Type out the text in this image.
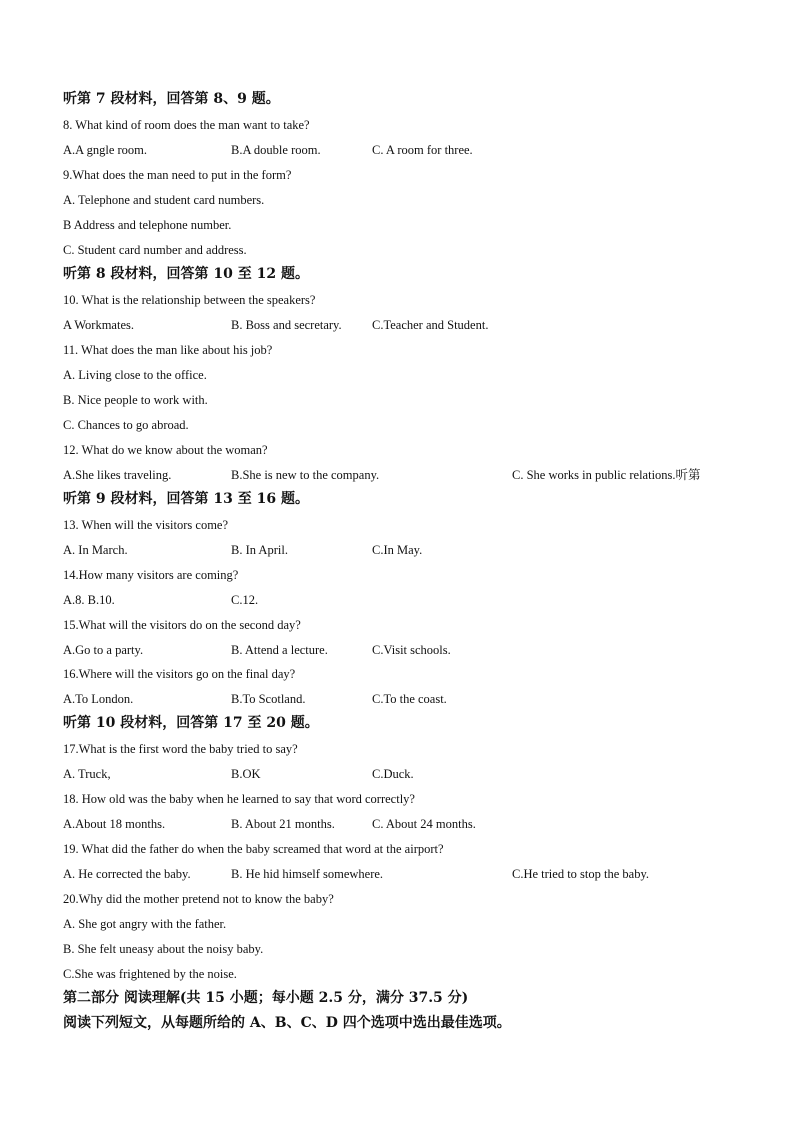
听第 7 段材料，回答第 8、9 题。
8. What kind of room does the man want to take?
A.A gngle room.	B.A double room.	C. A room for three.
9.What does the man need to put in the form?
A. Telephone and student card numbers.
B Address and telephone number.
C. Student card number and address.
听第 8 段材料，回答第 10 至 12 题。
10. What is the relationship between the speakers?
A Workmates.	B. Boss and secretary. C.Teacher and Student.
11. What does the man like about his job?
A. Living close to the office.
B. Nice people to work with.
C. Chances to go abroad.
12. What do we know about the woman?
A.She likes traveling.	B.She is new to the company.	C. She works in public relations.听第
听第 9 段材料，回答第 13 至 16 题。
13. When will the visitors come?
A. In March.	B. In April.	C.In May.
14.How many visitors are coming?
A.8. B.10.	C.12.
15.What will the visitors do on the second day?
A.Go to a party.	B. Attend a lecture.	C.Visit schools.
16.Where will the visitors go on the final day?
A.To London.	B.To Scotland.	C.To the coast.
听第 10 段材料，回答第 17 至 20 题。
17.What is the first word the baby tried to say?
A. Truck,	B.OK	C.Duck.
18. How old was the baby when he learned to say that word correctly?
A.About 18 months.	B. About 21 months.	C. About 24 months.
19. What did the father do when the baby screamed that word at the airport?
A. He corrected the baby.	B. He hid himself somewhere.	C.He tried to stop the baby.
20.Why did the mother pretend not to know the baby?
A. She got angry with the father.
B. She felt uneasy about the noisy baby.
C.She was frightened by the noise.
第二部分 阅读理解(共 15 小题；每小题 2.5 分，满分 37.5 分)
阅读下列短文，从每题所给的 A、B、C、D 四个选项中选出最佳选项。
